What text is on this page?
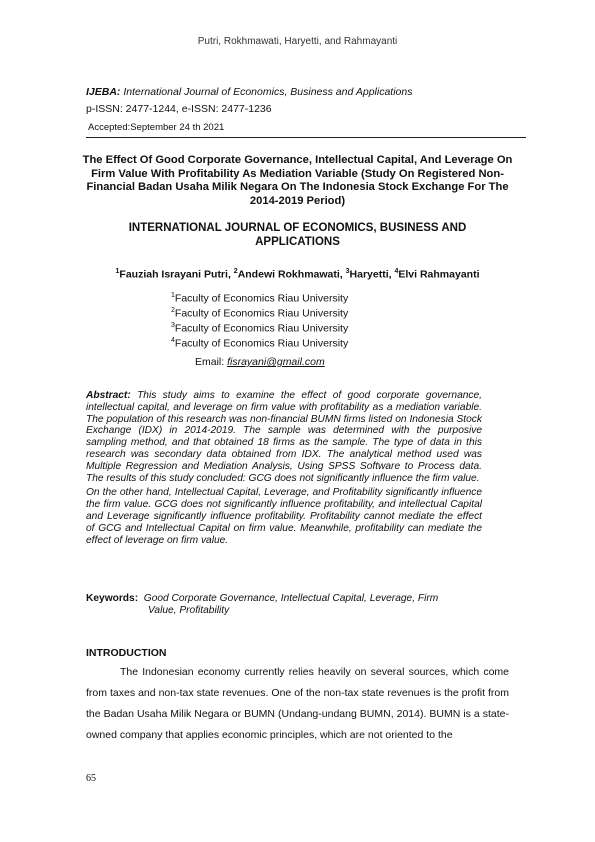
Putri, Rokhmawati, Haryetti, and Rahmayanti
IJEBA: International Journal of Economics, Business and Applications
p-ISSN: 2477-1244, e-ISSN: 2477-1236
Accepted:September 24 th 2021
The Effect Of Good Corporate Governance, Intellectual Capital, And Leverage On Firm Value With Profitability As Mediation Variable (Study On Registered Non-Financial Badan Usaha Milik Negara On The Indonesia Stock Exchange For The 2014-2019 Period)
INTERNATIONAL JOURNAL OF ECONOMICS, BUSINESS AND APPLICATIONS
$^1$Fauziah Israyani Putri, $^2$Andewi Rokhmawati, $^3$Haryetti, $^4$Elvi Rahmayanti
$^1$Faculty of Economics Riau University
$^2$Faculty of Economics Riau University
$^3$Faculty of Economics Riau University
$^4$Faculty of Economics Riau University
Email: fisrayani@gmail.com

Abstract: This study aims to examine the effect of good corporate governance, intellectual capital, and leverage on firm value with profitability as a mediation variable. The population of this research was non-financial BUMN firms listed on Indonesia Stock Exchange (IDX) in 2014-2019. The sample was determined with the purposive sampling method, and that obtained 18 firms as the sample. The type of data in this research was secondary data obtained from IDX. The analytical method used was Multiple Regression and Mediation Analysis, Using SPSS Software to Process data. The results of this study concluded: GCG does not significantly influence the firm value.

On the other hand, Intellectual Capital, Leverage, and Profitability significantly influence the firm value. GCG does not significantly influence profitability, and intellectual Capital and Leverage significantly influence profitability. Profitability cannot mediate the effect of GCG and Intellectual Capital on firm value. Meanwhile, profitability can mediate the effect of leverage on firm value.

Keywords: Good Corporate Governance, Intellectual Capital, Leverage, Firm
Value, Profitability
INTRODUCTION

The Indonesian economy currently relies heavily on several sources, which come from taxes and non-tax state revenues. One of the non-tax state revenues is the profit from the Badan Usaha Milik Negara or BUMN (Undang-undang BUMN, 2014). BUMN is a state-owned company that applies economic principles, which are not oriented to the

65
